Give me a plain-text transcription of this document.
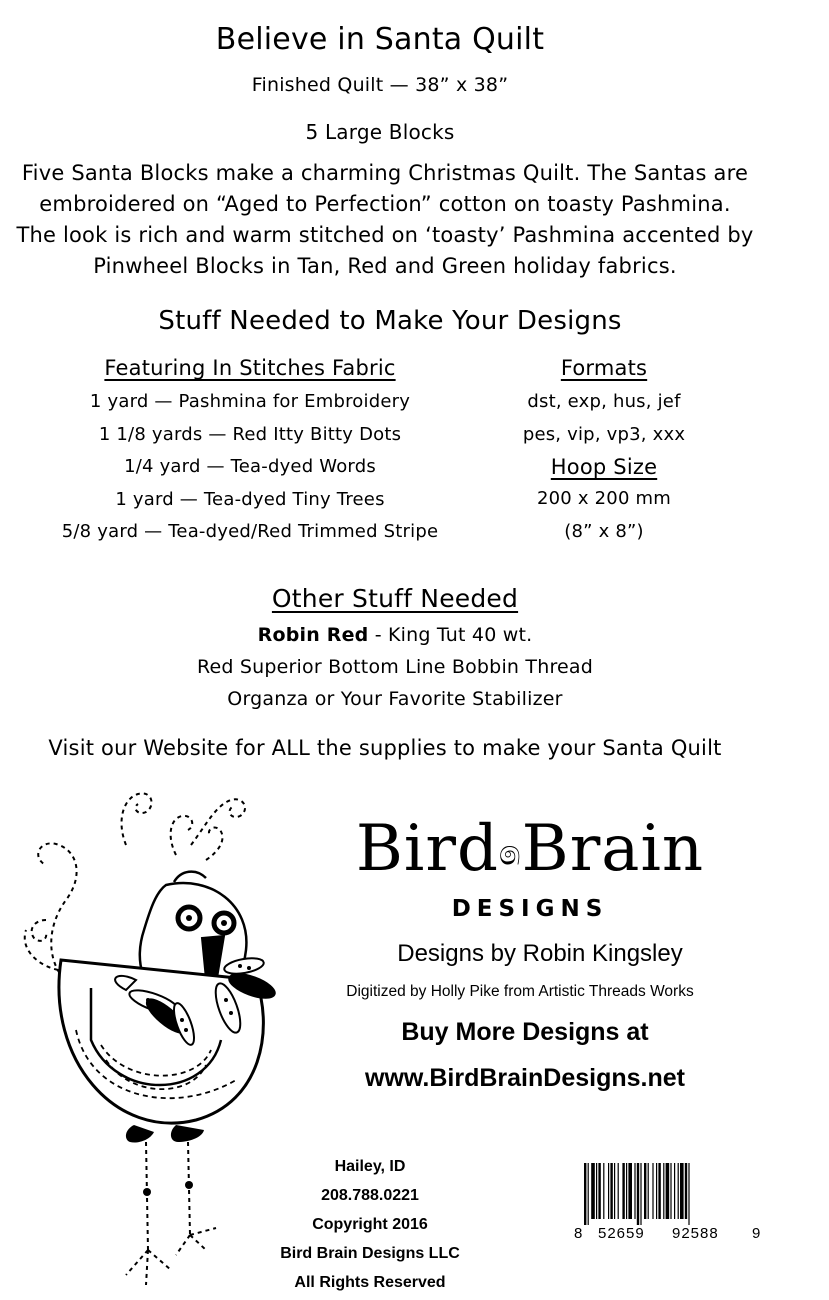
Believe in Santa Quilt
Finished Quilt — 38” x 38”
5 Large Blocks
Five Santa Blocks make a charming Christmas Quilt. The Santas are
embroidered on “Aged to Perfection” cotton on toasty Pashmina.
The look is rich and warm stitched on ‘toasty’ Pashmina accented by
Pinwheel Blocks in Tan, Red and Green holiday fabrics.
Stuff Needed to Make Your Designs
Featuring In Stitches Fabric
1 yard — Pashmina for Embroidery
1 1/8 yards — Red Itty Bitty Dots
1/4 yard — Tea-dyed Words
1 yard — Tea-dyed Tiny Trees
5/8 yard — Tea-dyed/Red Trimmed Stripe
Formats
dst, exp, hus, jef
pes, vip, vp3, xxx
Hoop Size
200 x 200 mm
(8” x 8”)
Other Stuff Needed
Robin Red - King Tut 40 wt.
Red Superior Bottom Line Bobbin Thread
Organza or Your Favorite Stabilizer
Visit our Website for ALL the supplies to make your Santa Quilt
Bird෧Brain
DESIGNS
Designs by Robin Kingsley
Digitized by Holly Pike from Artistic Threads Works
Buy More Designs at
www.BirdBrainDesigns.net
Hailey, ID
208.788.0221
Copyright 2016
Bird Brain Designs LLC
All Rights Reserved
8 52659 92588 9
